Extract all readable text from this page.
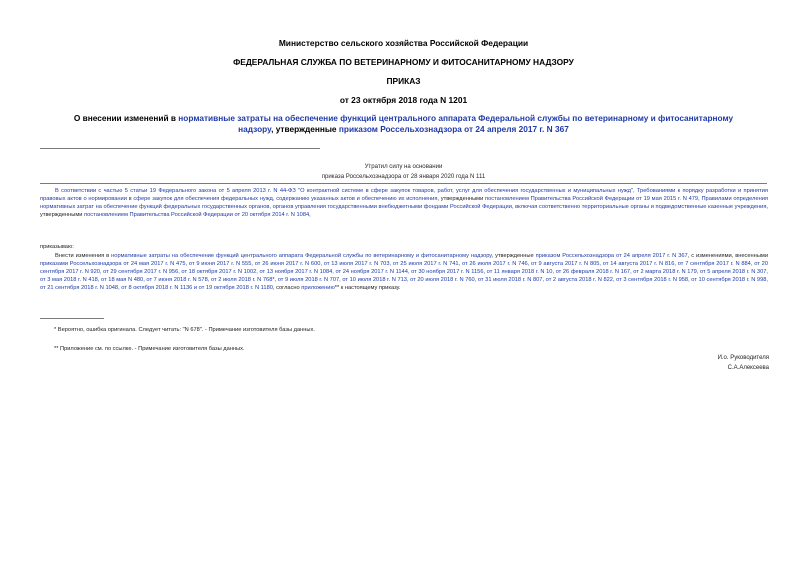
Министерство сельского хозяйства Российской Федерации
ФЕДЕРАЛЬНАЯ СЛУЖБА ПО ВЕТЕРИНАРНОМУ И ФИТОСАНИТАРНОМУ НАДЗОРУ
ПРИКАЗ
от 23 октября 2018 года N 1201
О внесении изменений в нормативные затраты на обеспечение функций центрального аппарата Федеральной службы по ветеринарному и фитосанитарному надзору, утвержденные приказом Россельхознадзора от 24 апреля 2017 г. N 367
Утратил силу на основании
приказа Россельхознадзора от 28 января 2020 года N 111
В соответствии с частью 5 статьи 19 Федерального закона от 5 апреля 2013 г. N 44-ФЗ "О контрактной системе в сфере закупок товаров, работ, услуг для обеспечения государственных и муниципальных нужд", Требованиями к порядку разработки и принятия правовых актов о нормировании в сфере закупок для обеспечения федеральных нужд, содержанию указанных актов и обеспечению их исполнения, утвержденными постановлением Правительства Российской Федерации от 19 мая 2015 г. N 479, Правилами определения нормативных затрат на обеспечение функций федеральных государственных органов, органов управления государственными внебюджетными фондами Российской Федерации, включая соответственно территориальные органы и подведомственные казенные учреждения, утвержденными постановлением Правительства Российской Федерации от 20 октября 2014 г. N 1084,
приказываю:
Внести изменения в нормативные затраты на обеспечение функций центрального аппарата Федеральной службы по ветеринарному и фитосанитарному надзору, утвержденные приказом Россельхознадзора от 24 апреля 2017 г. N 367, с изменениями, внесенными приказами Россельхознадзора от 24 мая 2017 г. N 475, от 9 июня 2017 г. N 555, от 26 июня 2017 г. N 600, от 13 июля 2017 г. N 703, от 25 июля 2017 г. N 741, от 26 июля 2017 г. N 746, от 9 августа 2017 г. N 805, от 14 августа 2017 г. N 816, от 7 сентября 2017 г. N 884, от 20 сентября 2017 г. N 920, от 29 сентября 2017 г. N 956, от 18 октября 2017 г. N 1002, от 13 ноября 2017 г. N 1084, от 24 ноября 2017 г. N 1144, от 30 ноября 2017 г. N 1156, от 11 января 2018 г. N 10, от 26 февраля 2018 г. N 167, от 2 марта 2018 г. N 179, от 5 апреля 2018 г. N 307, от 3 мая 2018 г. N 418, от 18 мая N 480, от 7 июня 2018 г. N 578, от 2 июля 2018 г. N 768*, от 9 июля 2018 г. N 707, от 10 июля 2018 г. N 713, от 20 июля 2018 г. N 760, от 31 июля 2018 г. N 807, от 2 августа 2018 г. N 822, от 3 сентября 2018 г. N 958, от 10 сентября 2018 г. N 998, от 21 сентября 2018 г. N 1048, от 8 октября 2018 г. N 1136 и от 19 октября 2018 г. N 1180, согласно приложению** к настоящему приказу.
* Вероятно, ошибка оригинала. Следует читать: "N 678". - Примечание изготовителя базы данных.
** Приложение см. по ссылке. - Примечание изготовителя базы данных.
И.о. Руководителя
С.А.Алексеева
